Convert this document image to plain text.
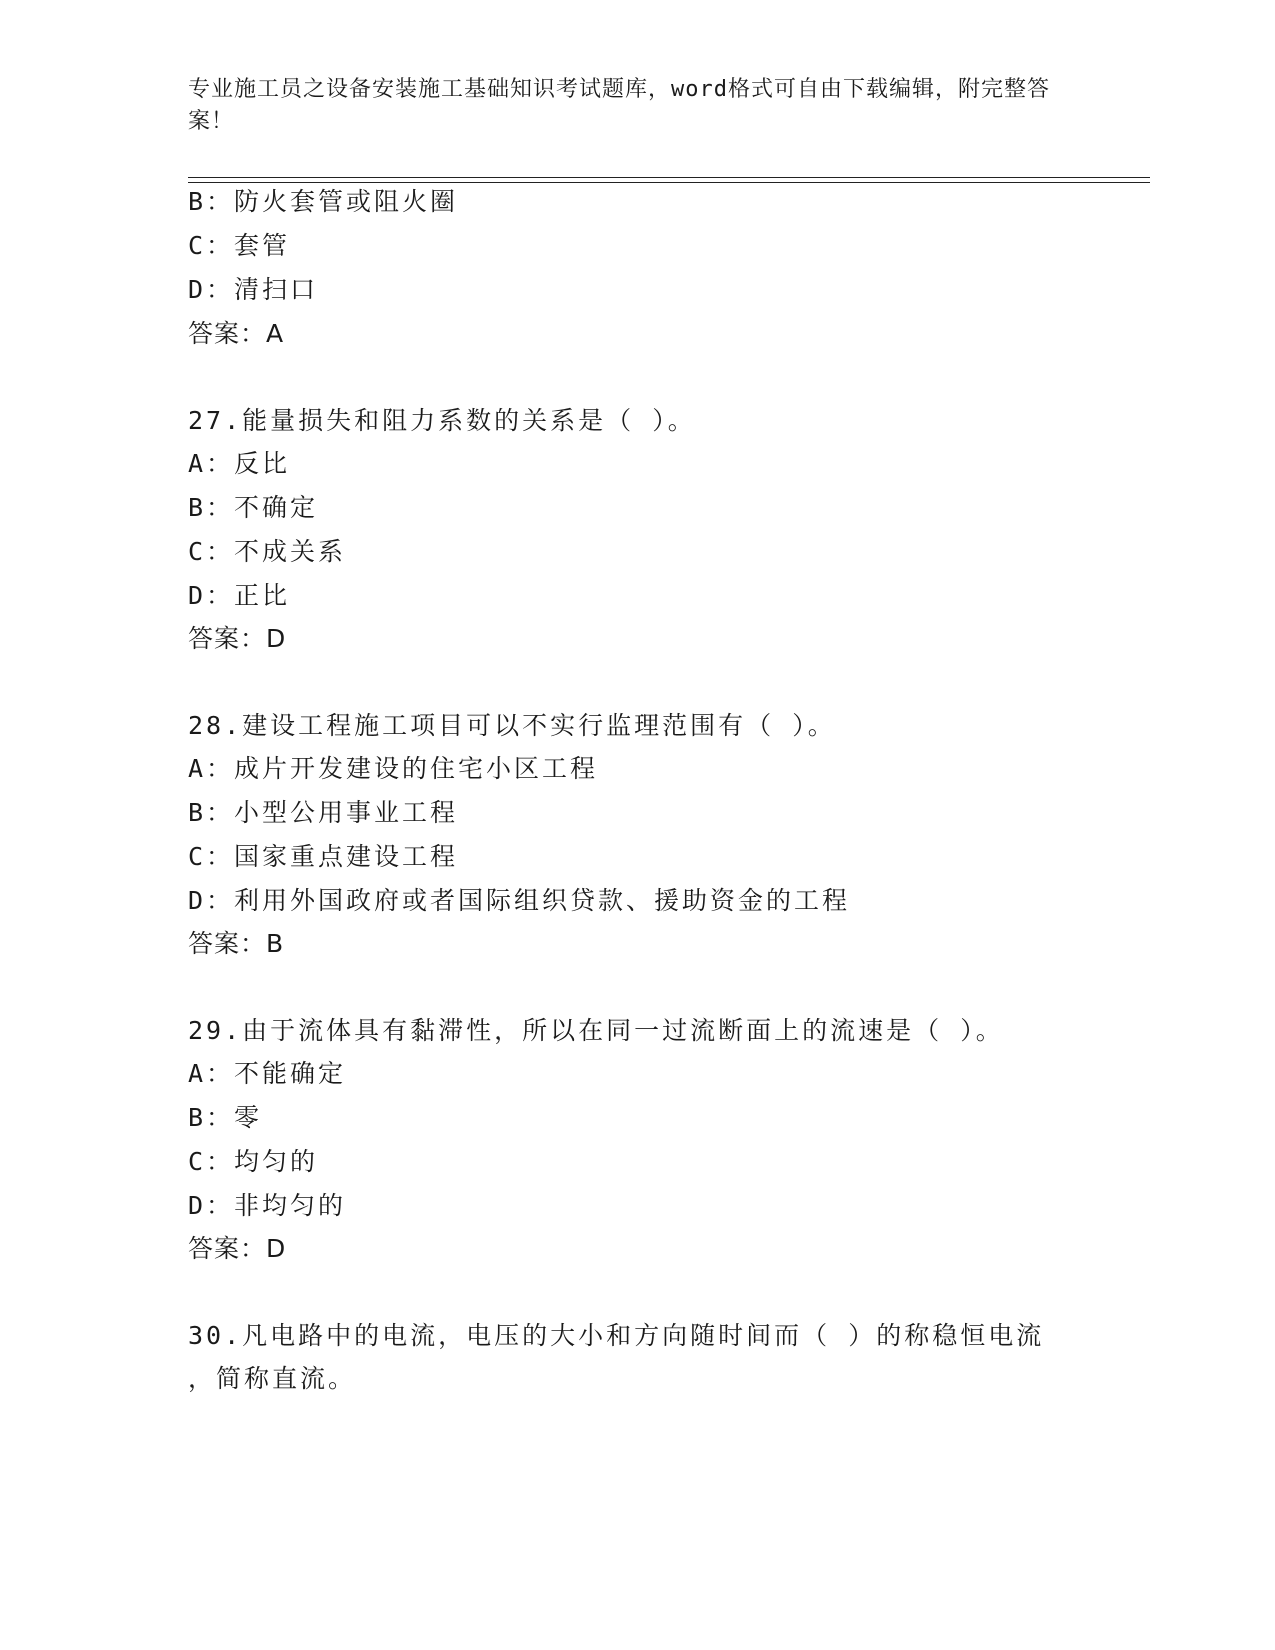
专业施工员之设备安装施工基础知识考试题库，word格式可自由下载编辑，附完整答案！
B：防火套管或阻火圈
C：套管
D：清扫口
答案：A
27.能量损失和阻力系数的关系是（ ）。
A：反比
B：不确定
C：不成关系
D：正比
答案：D
28.建设工程施工项目可以不实行监理范围有（ ）。
A：成片开发建设的住宅小区工程
B：小型公用事业工程
C：国家重点建设工程
D：利用外国政府或者国际组织贷款、援助资金的工程
答案：B
29.由于流体具有黏滞性，所以在同一过流断面上的流速是（ ）。
A：不能确定
B：零
C：均匀的
D：非均匀的
答案：D
30.凡电路中的电流，电压的大小和方向随时间而（ ）的称稳恒电流
，简称直流。
